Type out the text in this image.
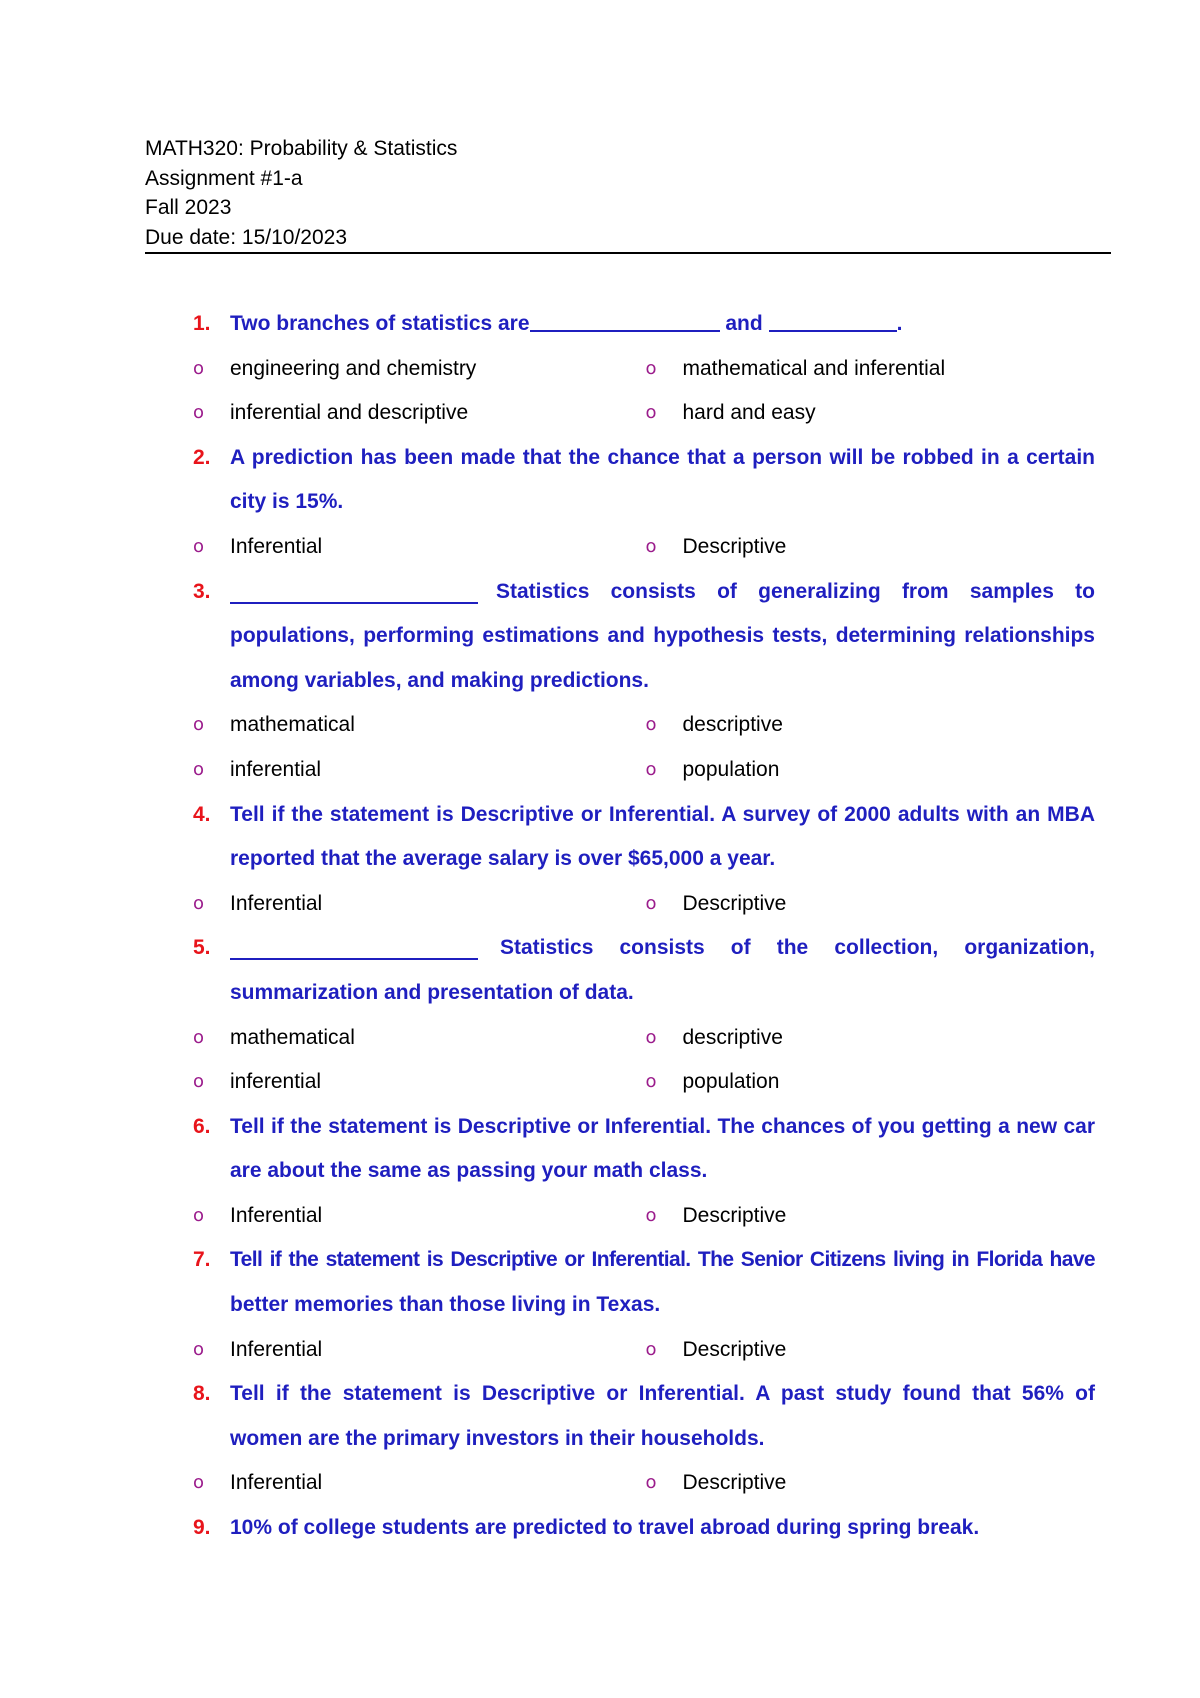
MATH320: Probability & Statistics
Assignment #1-a
Fall 2023
Due date: 15/10/2023
1. Two branches of statistics are	and	.
o engineering and chemistry	o mathematical and inferential
o inferential and descriptive	o hard and easy
2. A prediction has been made that the chance that a person will be robbed in a certain
city is 15%.
o Inferential	o Descriptive
3.	Statistics consists of generalizing from samples to
populations, performing estimations and hypothesis tests, determining relationships
among variables, and making predictions.
o mathematical	o descriptive
o inferential	o population
4. Tell if the statement is Descriptive or Inferential. A survey of 2000 adults with an MBA
reported that the average salary is over $65,000 a year.
o Inferential	o Descriptive
5.	Statistics consists of the collection, organization,
summarization and presentation of data.
o mathematical	o descriptive
o inferential	o population
6. Tell if the statement is Descriptive or Inferential. The chances of you getting a new car
are about the same as passing your math class.
o Inferential	o Descriptive
7. Tell if the statement is Descriptive or Inferential. The Senior Citizens living in Florida have
better memories than those living in Texas.
o Inferential	o Descriptive
8. Tell if the statement is Descriptive or Inferential. A past study found that 56% of
women are the primary investors in their households.
o Inferential	o Descriptive
9. 10% of college students are predicted to travel abroad during spring break.
